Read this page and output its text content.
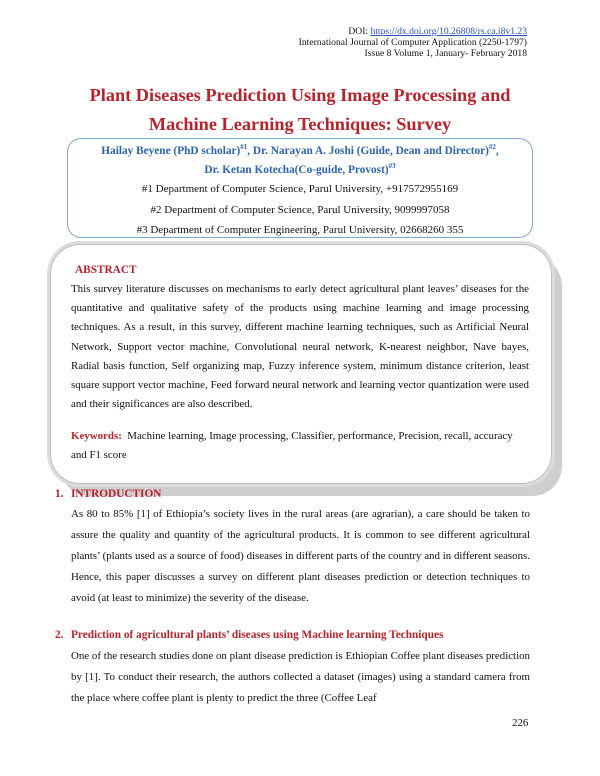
DOI: https://dx.doi.org/10.26808/rs.ca.i8v1.23
International Journal of Computer Application (2250-1797)
Issue 8 Volume 1, January- February 2018
Plant Diseases Prediction Using Image Processing and
Machine Learning Techniques: Survey
Hailay Beyene (PhD scholar)$^{\#1}$, Dr. Narayan A. Joshi (Guide, Dean and Director)$^{\#2}$,
Dr. Ketan Kotecha(Co-guide, Provost)$^{\#3}$
#1 Department of Computer Science, Parul University, +917572955169
#2 Department of Computer Science, Parul University, 9099997058
#3 Department of Computer Engineering, Parul University, 02668260 355
ABSTRACT

This survey literature discusses on mechanisms to early detect agricultural plant leaves’ diseases for the quantitative and qualitative safety of the products using machine learning and image processing techniques. As a result, in this survey, different machine learning techniques, such as Artificial Neural Network, Support vector machine, Convolutional neural network, K-nearest neighbor, Nave bayes, Radial basis function, Self organizing map, Fuzzy inference system, minimum distance criterion, least square support vector machine, Feed forward neural network and learning vector quantization were used and their significances are also described.

Keywords: Machine learning, Image processing, Classifier, performance, Precision, recall, accuracy and F1 score

1. INTRODUCTION

As 80 to 85% [1] of Ethiopia’s society lives in the rural areas (are agrarian), a care should be taken to assure the quality and quantity of the agricultural products. It is common to see different agricultural plants’ (plants used as a source of food) diseases in different parts of the country and in different seasons. Hence, this paper discusses a survey on different plant diseases prediction or detection techniques to avoid (at least to minimize) the severity of the disease.

2. Prediction of agricultural plants’ diseases using Machine learning Techniques

One of the research studies done on plant disease prediction is Ethiopian Coffee plant diseases prediction by [1]. To conduct their research, the authors collected a dataset (images) using a standard camera from the place where coffee plant is plenty to predict the three (Coffee Leaf

226
